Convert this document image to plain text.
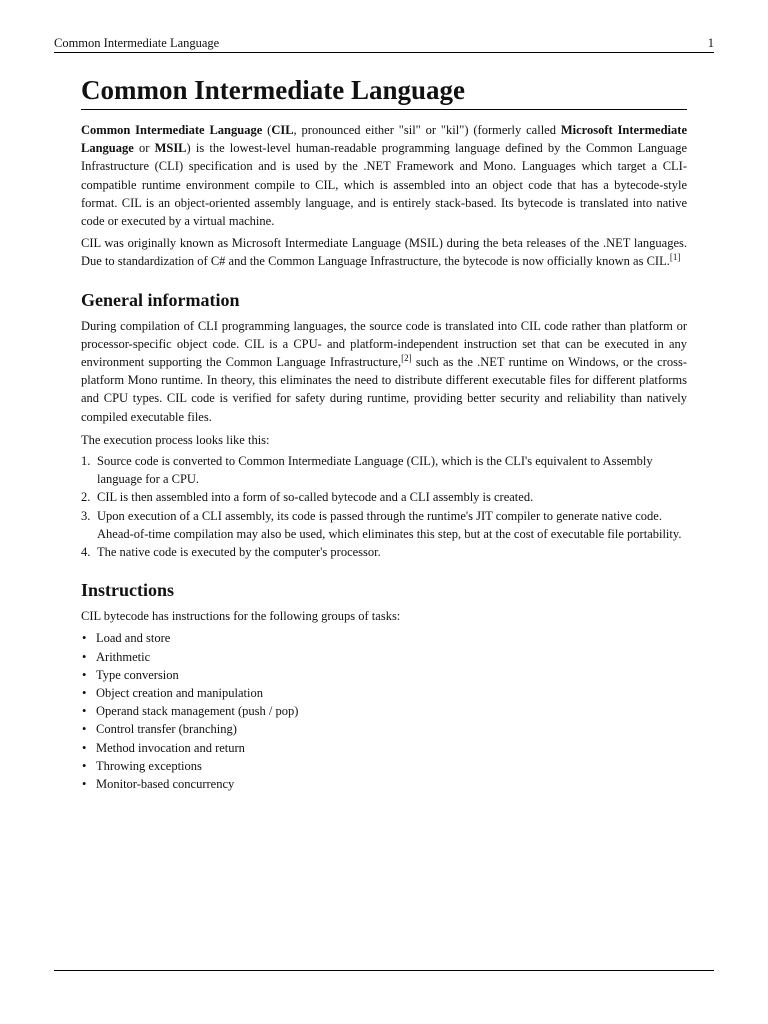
Common Intermediate Language	1
Common Intermediate Language

Common Intermediate Language (CIL, pronounced either "sil" or "kil") (formerly called Microsoft Intermediate Language or MSIL) is the lowest-level human-readable programming language defined by the Common Language Infrastructure (CLI) specification and is used by the .NET Framework and Mono. Languages which target a CLI-compatible runtime environment compile to CIL, which is assembled into an object code that has a bytecode-style format. CIL is an object-oriented assembly language, and is entirely stack-based. Its bytecode is translated into native code or executed by a virtual machine.

CIL was originally known as Microsoft Intermediate Language (MSIL) during the beta releases of the .NET languages. Due to standardization of C# and the Common Language Infrastructure, the bytecode is now officially known as CIL.[1]

General information

During compilation of CLI programming languages, the source code is translated into CIL code rather than platform or processor-specific object code. CIL is a CPU- and platform-independent instruction set that can be executed in any environment supporting the Common Language Infrastructure,[2] such as the .NET runtime on Windows, or the cross-platform Mono runtime. In theory, this eliminates the need to distribute different executable files for different platforms and CPU types. CIL code is verified for safety during runtime, providing better security and reliability than natively compiled executable files.

The execution process looks like this:

1. Source code is converted to Common Intermediate Language (CIL), which is the CLI's equivalent to Assembly language for a CPU.
2. CIL is then assembled into a form of so-called bytecode and a CLI assembly is created.
3. Upon execution of a CLI assembly, its code is passed through the runtime's JIT compiler to generate native code. Ahead-of-time compilation may also be used, which eliminates this step, but at the cost of executable file portability.
4. The native code is executed by the computer's processor.
Instructions

CIL bytecode has instructions for the following groups of tasks:

• Load and store
• Arithmetic
• Type conversion
• Object creation and manipulation
• Operand stack management (push / pop)
• Control transfer (branching)
• Method invocation and return
• Throwing exceptions
• Monitor-based concurrency
